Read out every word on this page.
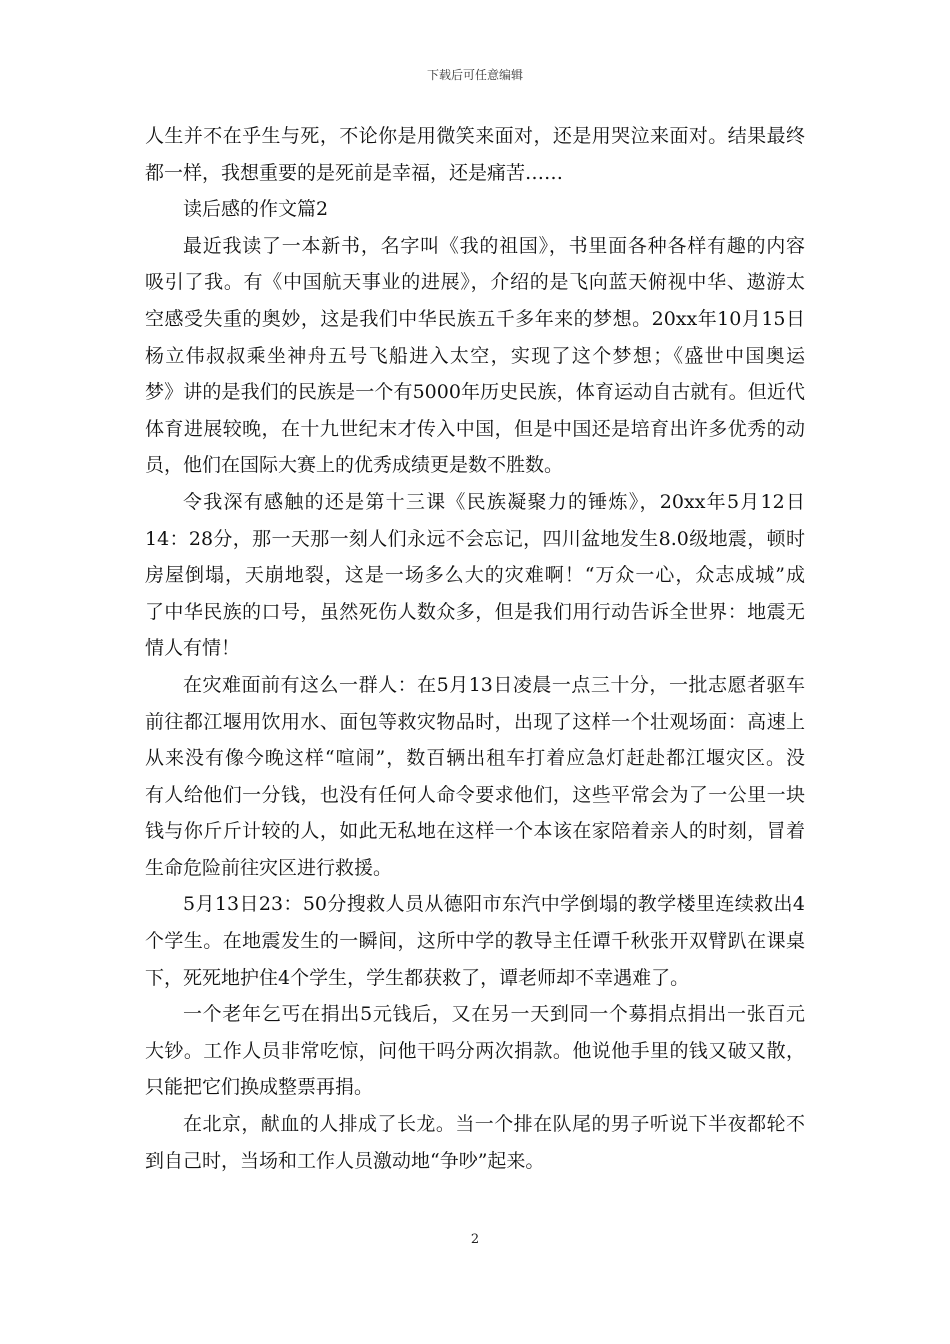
下载后可任意编辑
人生并不在乎生与死，不论你是用微笑来面对，还是用哭泣来面对。结果最终
都一样，我想重要的是死前是幸福，还是痛苦……
读后感的作文篇2
最近我读了一本新书，名字叫《我的祖国》，书里面各种各样有趣的内容
吸引了我。有《中国航天事业的进展》，介绍的是飞向蓝天俯视中华、遨游太
空感受失重的奥妙，这是我们中华民族五千多年来的梦想。20xx年10月15日
杨立伟叔叔乘坐神舟五号飞船进入太空，实现了这个梦想；《盛世中国奥运
梦》讲的是我们的民族是一个有5000年历史民族，体育运动自古就有。但近代
体育进展较晚，在十九世纪末才传入中国，但是中国还是培育出许多优秀的动
员，他们在国际大赛上的优秀成绩更是数不胜数。
令我深有感触的还是第十三课《民族凝聚力的锤炼》，20xx年5月12日
14：28分，那一天那一刻人们永远不会忘记，四川盆地发生8.0级地震，顿时
房屋倒塌，天崩地裂，这是一场多么大的灾难啊！“万众一心，众志成城”成
了中华民族的口号，虽然死伤人数众多，但是我们用行动告诉全世界：地震无
情人有情！
在灾难面前有这么一群人：在5月13日凌晨一点三十分，一批志愿者驱车
前往都江堰用饮用水、面包等救灾物品时，出现了这样一个壮观场面：高速上
从来没有像今晚这样“喧闹”，数百辆出租车打着应急灯赶赴都江堰灾区。没
有人给他们一分钱，也没有任何人命令要求他们，这些平常会为了一公里一块
钱与你斤斤计较的人，如此无私地在这样一个本该在家陪着亲人的时刻，冒着
生命危险前往灾区进行救援。
5月13日23：50分搜救人员从德阳市东汽中学倒塌的教学楼里连续救出4
个学生。在地震发生的一瞬间，这所中学的教导主任谭千秋张开双臂趴在课桌
下，死死地护住4个学生，学生都获救了，谭老师却不幸遇难了。
一个老年乞丐在捐出5元钱后，又在另一天到同一个募捐点捐出一张百元
大钞。工作人员非常吃惊，问他干吗分两次捐款。他说他手里的钱又破又散，
只能把它们换成整票再捐。
在北京，献血的人排成了长龙。当一个排在队尾的男子听说下半夜都轮不
到自己时，当场和工作人员激动地“争吵”起来。
2
